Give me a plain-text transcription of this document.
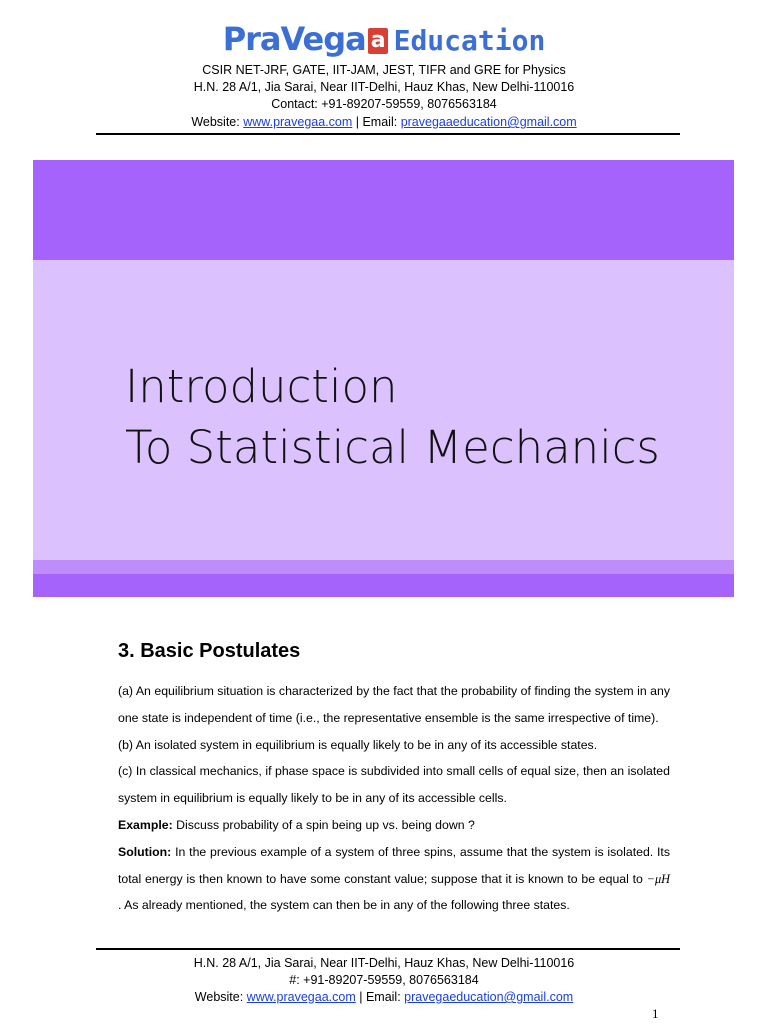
PraVega a Education
CSIR NET-JRF, GATE, IIT-JAM, JEST, TIFR and GRE for Physics
H.N. 28 A/1, Jia Sarai, Near IIT-Delhi, Hauz Khas, New Delhi-110016
Contact: +91-89207-59559, 8076563184
Website: www.pravegaa.com | Email: pravegaaeducation@gmail.com
Introduction
To Statistical Mechanics
3. Basic Postulates

(a) An equilibrium situation is characterized by the fact that the probability of finding the system in any one state is independent of time (i.e., the representative ensemble is the same irrespective of time).

(b) An isolated system in equilibrium is equally likely to be in any of its accessible states.

(c) In classical mechanics, if phase space is subdivided into small cells of equal size, then an isolated system in equilibrium is equally likely to be in any of its accessible cells.

Example: Discuss probability of a spin being up vs. being down ?

Solution: In the previous example of a system of three spins, assume that the system is isolated. Its total energy is then known to have some constant value; suppose that it is known to be equal to −μH . As already mentioned, the system can then be in any of the following three states.

H.N. 28 A/1, Jia Sarai, Near IIT-Delhi, Hauz Khas, New Delhi-110016
#: +91-89207-59559, 8076563184
Website: www.pravegaa.com | Email: pravegaeducation@gmail.com
1
